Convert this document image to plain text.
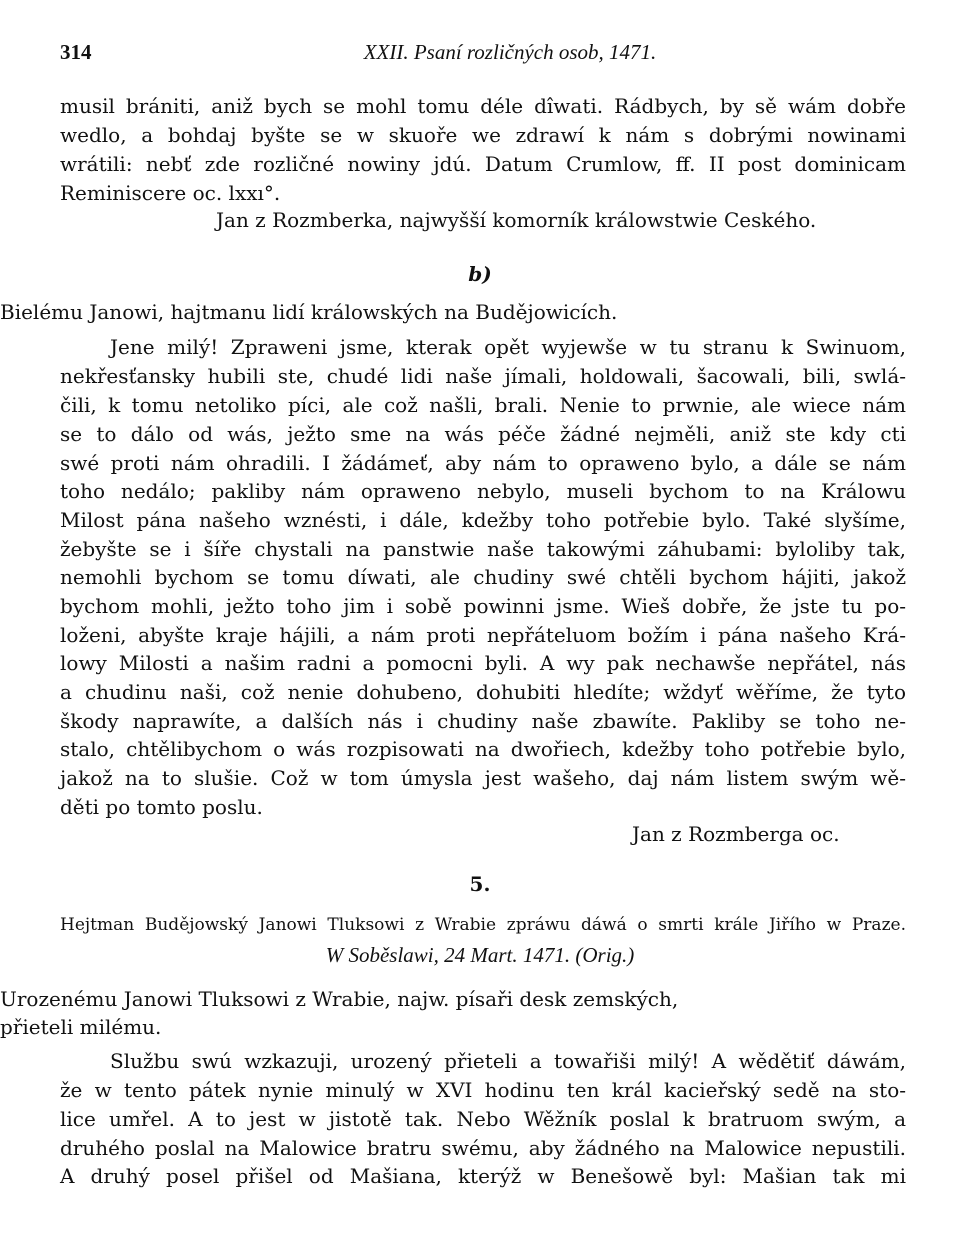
314	XXII. Psaní rozličných osob, 1471.
musil brániti, aniž bych se mohl tomu déle dîwati. Rádbych, by sě wám dobře
wedlo, a bohdaj byšte se w skuoře we zdrawí k nám s dobrými nowinami
wrátili: nebť zde rozličné nowiny jdú. Datum Crumlow, ff. II post dominicam
Reminiscere oc. lxxı°.
Jan z Rozmberka, najwyšší komorník králowstwie Ceského.
b)
Bielému Janowi, hajtmanu lidí králowských na Budějowicích.
Jene milý! Zpraweni jsme, kterak opět wyjewše w tu stranu k Swinuom,
nekřesťansky hubili ste, chudé lidi naše jímali, holdowali, šacowali, bili, swlá-
čili, k tomu netoliko píci, ale což našli, brali. Nenie to prwnie, ale wiece nám
se to dálo od wás, ježto sme na wás péče žádné nejměli, aniž ste kdy cti
swé proti nám ohradili. I žádámeť, aby nám to opraweno bylo, a dále se nám
toho nedálo; pakliby nám opraweno nebylo, museli bychom to na Králowu
Milost pána našeho wznésti, i dále, kdežby toho potřebie bylo. Také slyšíme,
žebyšte se i šíře chystali na panstwie naše takowými záhubami: byloliby tak,
nemohli bychom se tomu díwati, ale chudiny swé chtěli bychom hájiti, jakož
bychom mohli, ježto toho jim i sobě powinni jsme. Wieš dobře, že jste tu po-
loženi, abyšte kraje hájili, a nám proti nepřáteluom božím i pána našeho Krá-
lowy Milosti a našim radni a pomocni byli. A wy pak nechawše nepřátel, nás
a chudinu naši, což nenie dohubeno, dohubiti hledíte; wždyť wěříme, že tyto
škody naprawíte, a dalších nás i chudiny naše zbawíte. Pakliby se toho ne-
stalo, chtělibychom o wás rozpisowati na dwořiech, kdežby toho potřebie bylo,
jakož na to slušie. Což w tom úmysla jest wašeho, daj nám listem swým wě-
děti po tomto poslu.
Jan z Rozmberga oc.
5.
Hejtman Budějowský Janowi Tluksowi z Wrabie zpráwu dáwá o smrti krále Jiřího w Praze.
W Soběslawi, 24 Mart. 1471. (Orig.)
Urozenému Janowi Tluksowi z Wrabie, najw. písaři desk zemských,
přieteli milému.
Službu swú wzkazuji, urozený přieteli a towařiši milý! A wědětiť dáwám,
že w tento pátek nynie minulý w XVI hodinu ten král kacieřský sedě na sto-
lice umřel. A to jest w jistotě tak. Nebo Wěžník poslal k bratruom swým, a
druhého poslal na Malowice bratru swému, aby žádného na Malowice nepustili.
A druhý posel přišel od Mašiana, kterýž w Benešowě byl: Mašian tak mi
